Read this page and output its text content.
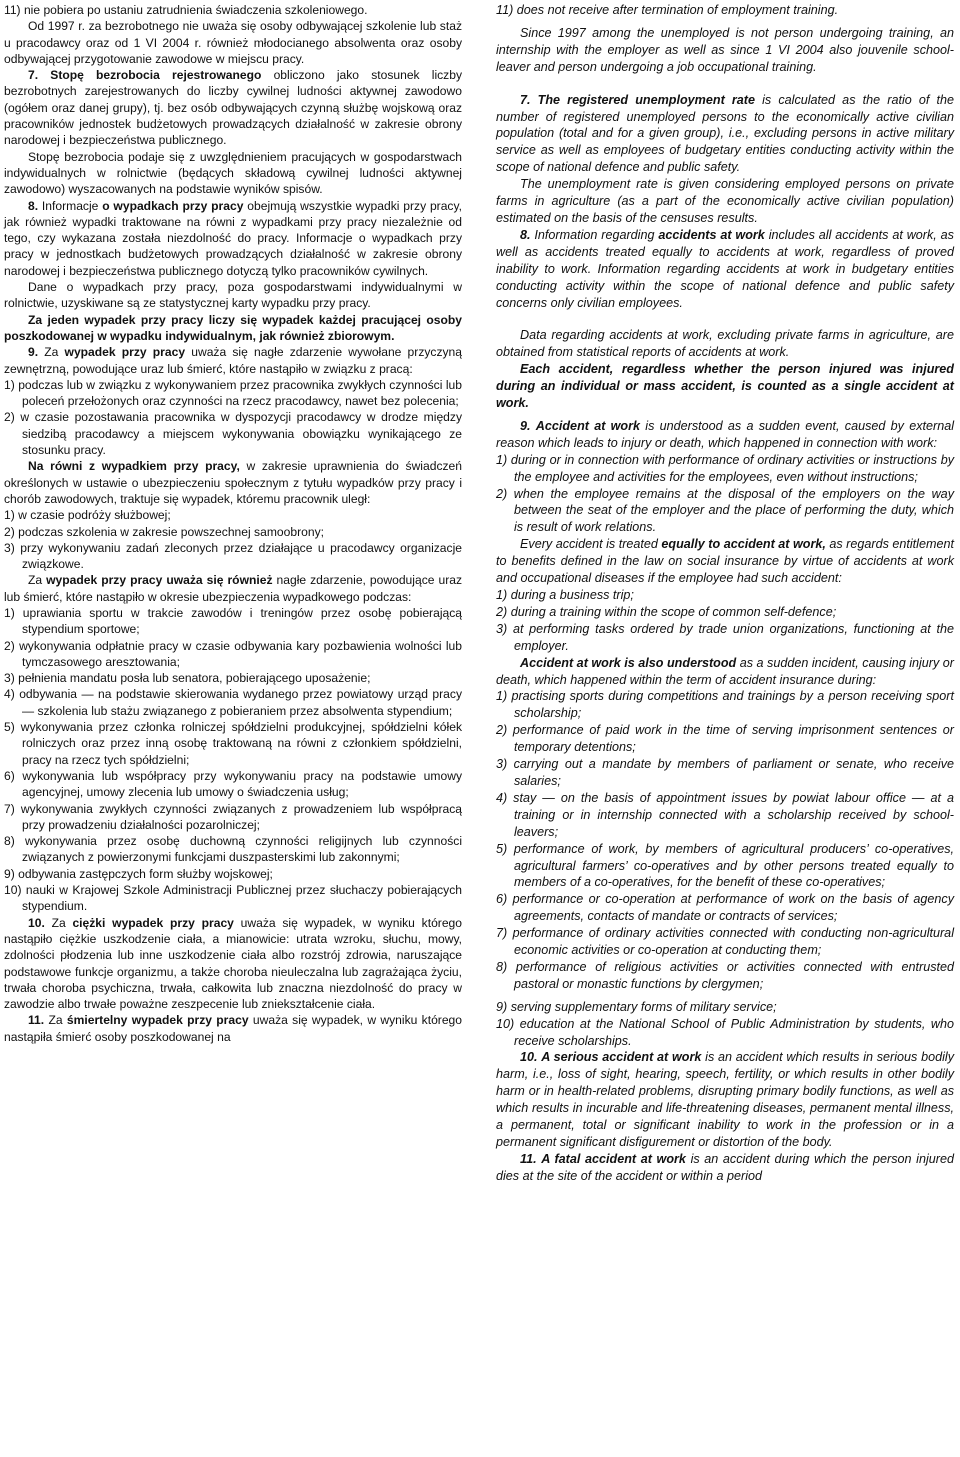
11) nie pobiera po ustaniu zatrudnienia świadczenia szkoleniowego.

Od 1997 r. za bezrobotnego nie uważa się osoby odbywającej szkolenie lub staż u pracodawcy oraz od 1 VI 2004 r. również młodocianego absolwenta oraz osoby odbywającej przygotowanie zawodowe w miejscu pracy.

7. Stopę bezrobocia rejestrowanego obliczono jako stosunek liczby bezrobotnych zarejestrowanych do liczby cywilnej ludności aktywnej zawodowo (ogółem oraz danej grupy), tj. bez osób odbywających czynną służbę wojskową oraz pracowników jednostek budżetowych prowadzących działalność w zakresie obrony narodowej i bezpieczeństwa publicznego.

Stopę bezrobocia podaje się z uwzględnieniem pracujących w gospodarstwach indywidualnych w rolnictwie (będących składową cywilnej ludności aktywnej zawodowo) wyszacowanych na podstawie wyników spisów.

8. Informacje o wypadkach przy pracy obejmują wszystkie wypadki przy pracy, jak również wypadki traktowane na równi z wypadkami przy pracy niezależnie od tego, czy wykazana została niezdolność do pracy. Informacje o wypadkach przy pracy w jednostkach budżetowych prowadzących działalność w zakresie obrony narodowej i bezpieczeństwa publicznego dotyczą tylko pracowników cywilnych.

Dane o wypadkach przy pracy, poza gospodarstwami indywidualnymi w rolnictwie, uzyskiwane są ze statystycznej karty wypadku przy pracy.

Za jeden wypadek przy pracy liczy się wypadek każdej pracującej osoby poszkodowanej w wypadku indywidualnym, jak również zbiorowym.

9. Za wypadek przy pracy uważa się nagłe zdarzenie wywołane przyczyną zewnętrzną, powodujące uraz lub śmierć, które nastąpiło w związku z pracą:

1) podczas lub w związku z wykonywaniem przez pracownika zwykłych czynności lub poleceń przełożonych oraz czynności na rzecz pracodawcy, nawet bez polecenia;

2) w czasie pozostawania pracownika w dyspozycji pracodawcy w drodze między siedzibą pracodawcy a miejscem wykonywania obowiązku wynikającego ze stosunku pracy.

Na równi z wypadkiem przy pracy, w zakresie uprawnienia do świadczeń określonych w ustawie o ubezpieczeniu społecznym z tytułu wypadków przy pracy i chorób zawodowych, traktuje się wypadek, któremu pracownik uległ:

1) w czasie podróży służbowej;

2) podczas szkolenia w zakresie powszechnej samoobrony;

3) przy wykonywaniu zadań zleconych przez działające u pracodawcy organizacje związkowe.

Za wypadek przy pracy uważa się również nagłe zdarzenie, powodujące uraz lub śmierć, które nastąpiło w okresie ubezpieczenia wypadkowego podczas:

1) uprawiania sportu w trakcie zawodów i treningów przez osobę pobierającą stypendium sportowe;

2) wykonywania odpłatnie pracy w czasie odbywania kary pozbawienia wolności lub tymczasowego aresztowania;

3) pełnienia mandatu posła lub senatora, pobierającego uposażenie;

4) odbywania — na podstawie skierowania wydanego przez powiatowy urząd pracy — szkolenia lub stażu związanego z pobieraniem przez absolwenta stypendium;

5) wykonywania przez członka rolniczej spółdzielni produkcyjnej, spółdzielni kółek rolniczych oraz przez inną osobę traktowaną na równi z członkiem spółdzielni, pracy na rzecz tych spółdzielni;

6) wykonywania lub współpracy przy wykonywaniu pracy na podstawie umowy agencyjnej, umowy zlecenia lub umowy o świadczenia usług;

7) wykonywania zwykłych czynności związanych z prowadzeniem lub współpracą przy prowadzeniu działalności pozarolniczej;

8) wykonywania przez osobę duchowną czynności religijnych lub czynności związanych z powierzonymi funkcjami duszpasterskimi lub zakonnymi;

9) odbywania zastępczych form służby wojskowej;

10) nauki w Krajowej Szkole Administracji Publicznej przez słuchaczy pobierających stypendium.

10. Za ciężki wypadek przy pracy uważa się wypadek, w wyniku którego nastąpiło ciężkie uszkodzenie ciała, a mianowicie: utrata wzroku, słuchu, mowy, zdolności płodzenia lub inne uszkodzenie ciała albo rozstrój zdrowia, naruszające podstawowe funkcje organizmu, a także choroba nieuleczalna lub zagrażająca życiu, trwała choroba psychiczna, trwała, całkowita lub znaczna niezdolność do pracy w zawodzie albo trwałe poważne zeszpecenie lub zniekształcenie ciała.

11. Za śmiertelny wypadek przy pracy uważa się wypadek, w wyniku którego nastąpiła śmierć osoby poszkodowanej na

11) does not receive after termination of employment training.

Since 1997 among the unemployed is not person undergoing training, an internship with the employer as well as since 1 VI 2004 also jouvenile school-leaver and person undergoing a job occupational training.

7. The registered unemployment rate is calculated as the ratio of the number of registered unemployed persons to the economically active civilian population (total and for a given group), i.e., excluding persons in active military service as well as employees of budgetary entities conducting activity within the scope of national defence and public safety.

The unemployment rate is given considering employed persons on private farms in agriculture (as a part of the economically active civilian population) estimated on the basis of the censuses results.

8. Information regarding accidents at work includes all accidents at work, as well as accidents treated equally to accidents at work, regardless of proved inability to work. Information regarding accidents at work in budgetary entities conducting activity within the scope of national defence and public safety concerns only civilian employees.

Data regarding accidents at work, excluding private farms in agriculture, are obtained from statistical reports of accidents at work.

Each accident, regardless whether the person injured was injured during an individual or mass accident, is counted as a single accident at work.

9. Accident at work is understood as a sudden event, caused by external reason which leads to injury or death, which happened in connection with work:

1) during or in connection with performance of ordinary activities or instructions by the employee and activities for the employees, even without instructions;

2) when the employee remains at the disposal of the employers on the way between the seat of the employer and the place of performing the duty, which is result of work relations.

Every accident is treated equally to accident at work, as regards entitlement to benefits defined in the law on social insurance by virtue of accidents at work and occupational diseases if the employee had such accident:

1) during a business trip;

2) during a training within the scope of common self-defence;

3) at performing tasks ordered by trade union organizations, functioning at the employer.

Accident at work is also understood as a sudden incident, causing injury or death, which happened within the term of accident insurance during:

1) practising sports during competitions and trainings by a person receiving sport scholarship;

2) performance of paid work in the time of serving imprisonment sentences or temporary detentions;

3) carrying out a mandate by members of parliament or senate, who receive salaries;

4) stay — on the basis of appointment issues by powiat labour office — at a training or in internship connected with a scholarship received by school-leavers;

5) performance of work, by members of agricultural producers’ co-operatives, agricultural farmers’ co-operatives and by other persons treated equally to members of a co-operatives, for the benefit of these co-operatives;

6) performance or co-operation at performance of work on the basis of agency agreements, contacts of mandate or contracts of services;

7) performance of ordinary activities connected with conducting non-agricultural economic activities or co-operation at conducting them;

8) performance of religious activities or activities connected with entrusted pastoral or monastic functions by clergymen;

9) serving supplementary forms of military service;

10) education at the National School of Public Administration by students, who receive scholarships.

10. A serious accident at work is an accident which results in serious bodily harm, i.e., loss of sight, hearing, speech, fertility, or which results in other bodily harm or in health-related problems, disrupting primary bodily functions, as well as which results in incurable and life-threatening diseases, permanent mental illness, a permanent, total or significant inability to work in the profession or in a permanent significant disfigurement or distortion of the body.

11. A fatal accident at work is an accident during which the person injured dies at the site of the accident or within a period
